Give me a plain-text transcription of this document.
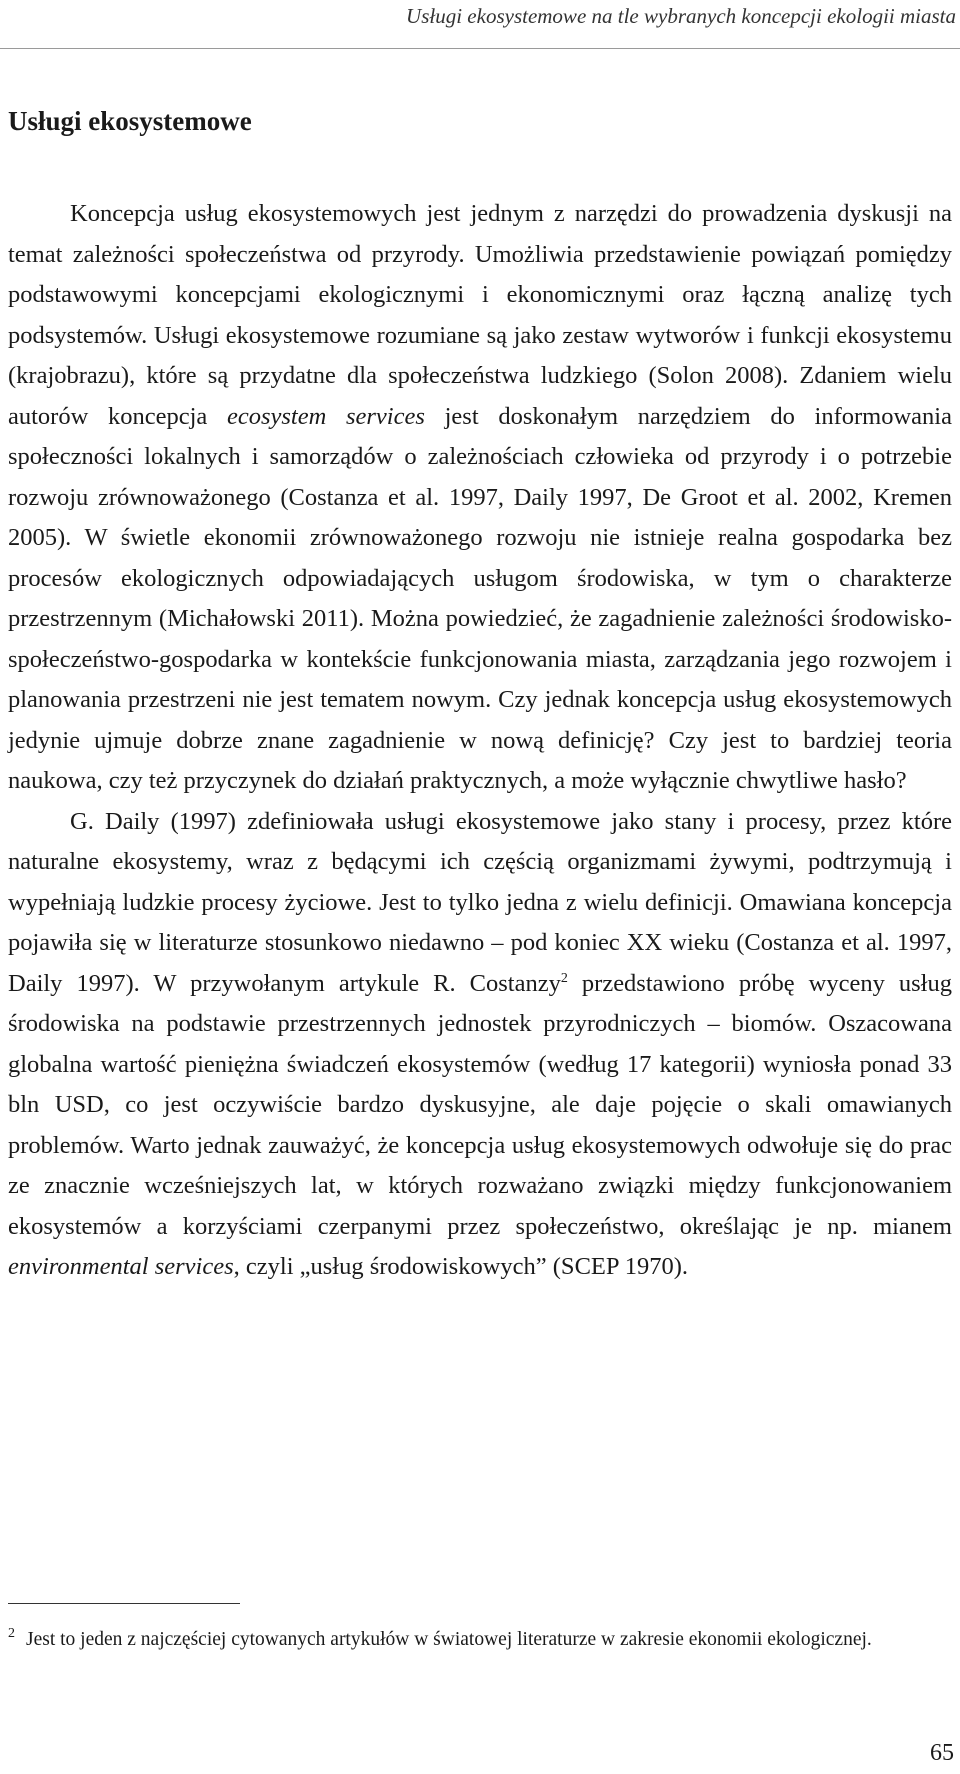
Usługi ekosystemowe na tle wybranych koncepcji ekologii miasta
Usługi ekosystemowe

Koncepcja usług ekosystemowych jest jednym z narzędzi do prowadzenia dyskusji na temat zależności społeczeństwa od przyrody. Umożliwia przedstawienie powiązań pomiędzy podstawowymi koncepcjami ekologicznymi i ekonomicznymi oraz łączną analizę tych podsystemów. Usługi ekosystemowe rozumiane są jako zestaw wytworów i funkcji ekosystemu (krajobrazu), które są przydatne dla społeczeństwa ludzkiego (Solon 2008). Zdaniem wielu autorów koncepcja ecosystem services jest doskonałym narzędziem do informowania społeczności lokalnych i samorządów o zależnościach człowieka od przyrody i o potrzebie rozwoju zrównoważonego (Costanza et al. 1997, Daily 1997, De Groot et al. 2002, Kremen 2005). W świetle ekonomii zrównoważonego rozwoju nie istnieje realna gospodarka bez procesów ekologicznych odpowiadających usługom środowiska, w tym o charakterze przestrzennym (Michałowski 2011). Można powiedzieć, że zagadnienie zależności środowisko-społeczeństwo-gospodarka w kontekście funkcjonowania miasta, zarządzania jego rozwojem i planowania przestrzeni nie jest tematem nowym. Czy jednak koncepcja usług ekosystemowych jedynie ujmuje dobrze znane zagadnienie w nową definicję? Czy jest to bardziej teoria naukowa, czy też przyczynek do działań praktycznych, a może wyłącznie chwytliwe hasło?

G. Daily (1997) zdefiniowała usługi ekosystemowe jako stany i procesy, przez które naturalne ekosystemy, wraz z będącymi ich częścią organizmami żywymi, podtrzymują i wypełniają ludzkie procesy życiowe. Jest to tylko jedna z wielu definicji. Omawiana koncepcja pojawiła się w literaturze stosunkowo niedawno – pod koniec XX wieku (Costanza et al. 1997, Daily 1997). W przywołanym artykule R. Costanzy$^2$ przedstawiono próbę wyceny usług środowiska na podstawie przestrzennych jednostek przyrodniczych – biomów. Oszacowana globalna wartość pieniężna świadczeń ekosystemów (według 17 kategorii) wyniosła ponad 33 bln USD, co jest oczywiście bardzo dyskusyjne, ale daje pojęcie o skali omawianych problemów. Warto jednak zauważyć, że koncepcja usług ekosystemowych odwołuje się do prac ze znacznie wcześniejszych lat, w których rozważano związki między funkcjonowaniem ekosystemów a korzyściami czerpanymi przez społeczeństwo, określając je np. mianem environmental services, czyli „usług środowiskowych” (SCEP 1970).

2 Jest to jeden z najczęściej cytowanych artykułów w światowej literaturze w zakresie ekonomii ekologicznej.
65
